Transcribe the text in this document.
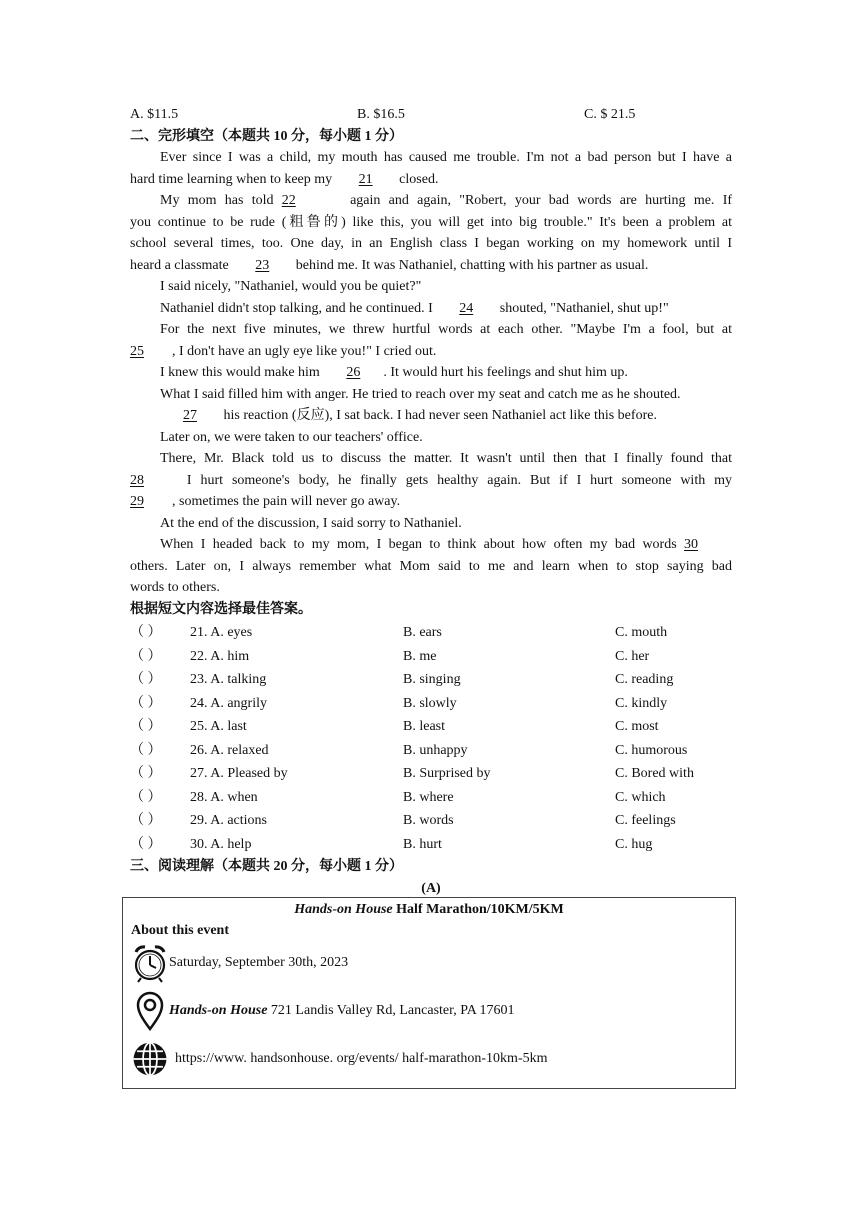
A. $11.5	B. $16.5	C. $ 21.5
二、完形填空（本题共 10 分，每小题 1 分）
Ever since I was a child, my mouth has caused me trouble. I'm not a bad person but I have a
hard time learning when to keep my 21 closed.
My mom has told 22	again and again, "Robert, your bad words are hurting me. If
you continue to be rude (粗鲁的) like this, you will get into big trouble." It's been a problem at
school several times, too. One day, in an English class I began working on my homework until I
heard a classmate 23 behind me. It was Nathaniel, chatting with his partner as usual.
I said nicely, "Nathaniel, would you be quiet?"
Nathaniel didn't stop talking, and he continued. I 24 shouted, "Nathaniel, shut up!"
For the next five minutes, we threw hurtful words at each other. "Maybe I'm a fool, but at
25 , I don't have an ugly eye like you!" I cried out.
I knew this would make him 26 . It would hurt his feelings and shut him up.
What I said filled him with anger. He tried to reach over my seat and catch me as he shouted.
27 his reaction (反应), I sat back. I had never seen Nathaniel act like this before.
Later on, we were taken to our teachers' office.
There, Mr. Black told us to discuss the matter. It wasn't until then that I finally found that
28	I hurt someone's body, he finally gets healthy again. But if I hurt someone with my
29 , sometimes the pain will never go away.
At the end of the discussion, I said sorry to Nathaniel.
When I headed back to my mom, I began to think about how often my bad words 30
others. Later on, I always remember what Mom said to me and learn when to stop saying bad
words to others.
根据短文内容选择最佳答案。
（ ）	21. A. eyes	B. ears	C. mouth
（ ）	22. A. him	B. me	C. her
（ ）	23. A. talking	B. singing	C. reading
（ ）	24. A. angrily	B. slowly	C. kindly
（ ）	25. A. last	B. least	C. most
（ ）	26. A. relaxed	B. unhappy	C. humorous
（ ）	27. A. Pleased by	B. Surprised by	C. Bored with
（ ）	28. A. when	B. where	C. which
（ ）	29. A. actions	B. words	C. feelings
（ ）	30. A. help	B. hurt	C. hug
三、阅读理解（本题共 20 分，每小题 1 分）
(A)
Hands-on House Half Marathon/10KM/5KM
About this event
Saturday, September 30th, 2023
Hands-on House 721 Landis Valley Rd, Lancaster, PA 17601
https://www. handsonhouse. org/events/ half-marathon-10km-5km
